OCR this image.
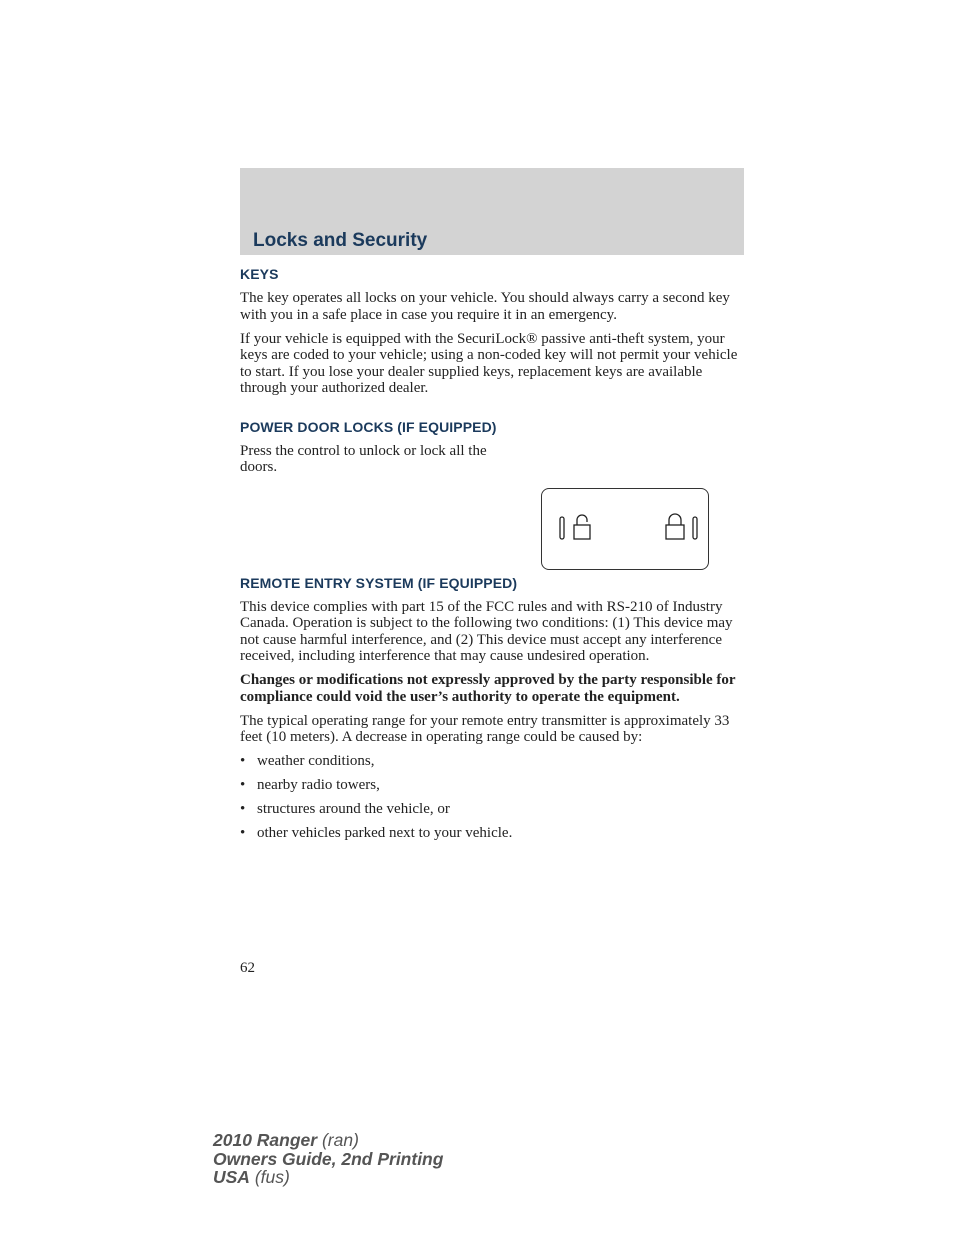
Locks and Security
KEYS

The key operates all locks on your vehicle. You should always carry a second key with you in a safe place in case you require it in an emergency.

If your vehicle is equipped with the SecuriLock® passive anti-theft system, your keys are coded to your vehicle; using a non-coded key will not permit your vehicle to start. If you lose your dealer supplied keys, replacement keys are available through your authorized dealer.

POWER DOOR LOCKS (IF EQUIPPED)

Press the control to unlock or lock all the doors.

REMOTE ENTRY SYSTEM (IF EQUIPPED)

This device complies with part 15 of the FCC rules and with RS-210 of Industry Canada. Operation is subject to the following two conditions: (1) This device may not cause harmful interference, and (2) This device must accept any interference received, including interference that may cause undesired operation.

Changes or modifications not expressly approved by the party responsible for compliance could void the user’s authority to operate the equipment.

The typical operating range for your remote entry transmitter is approximately 33 feet (10 meters). A decrease in operating range could be caused by:

• weather conditions,
• nearby radio towers,
• structures around the vehicle, or
• other vehicles parked next to your vehicle.
62
2010 Ranger (ran)
Owners Guide, 2nd Printing
USA (fus)
